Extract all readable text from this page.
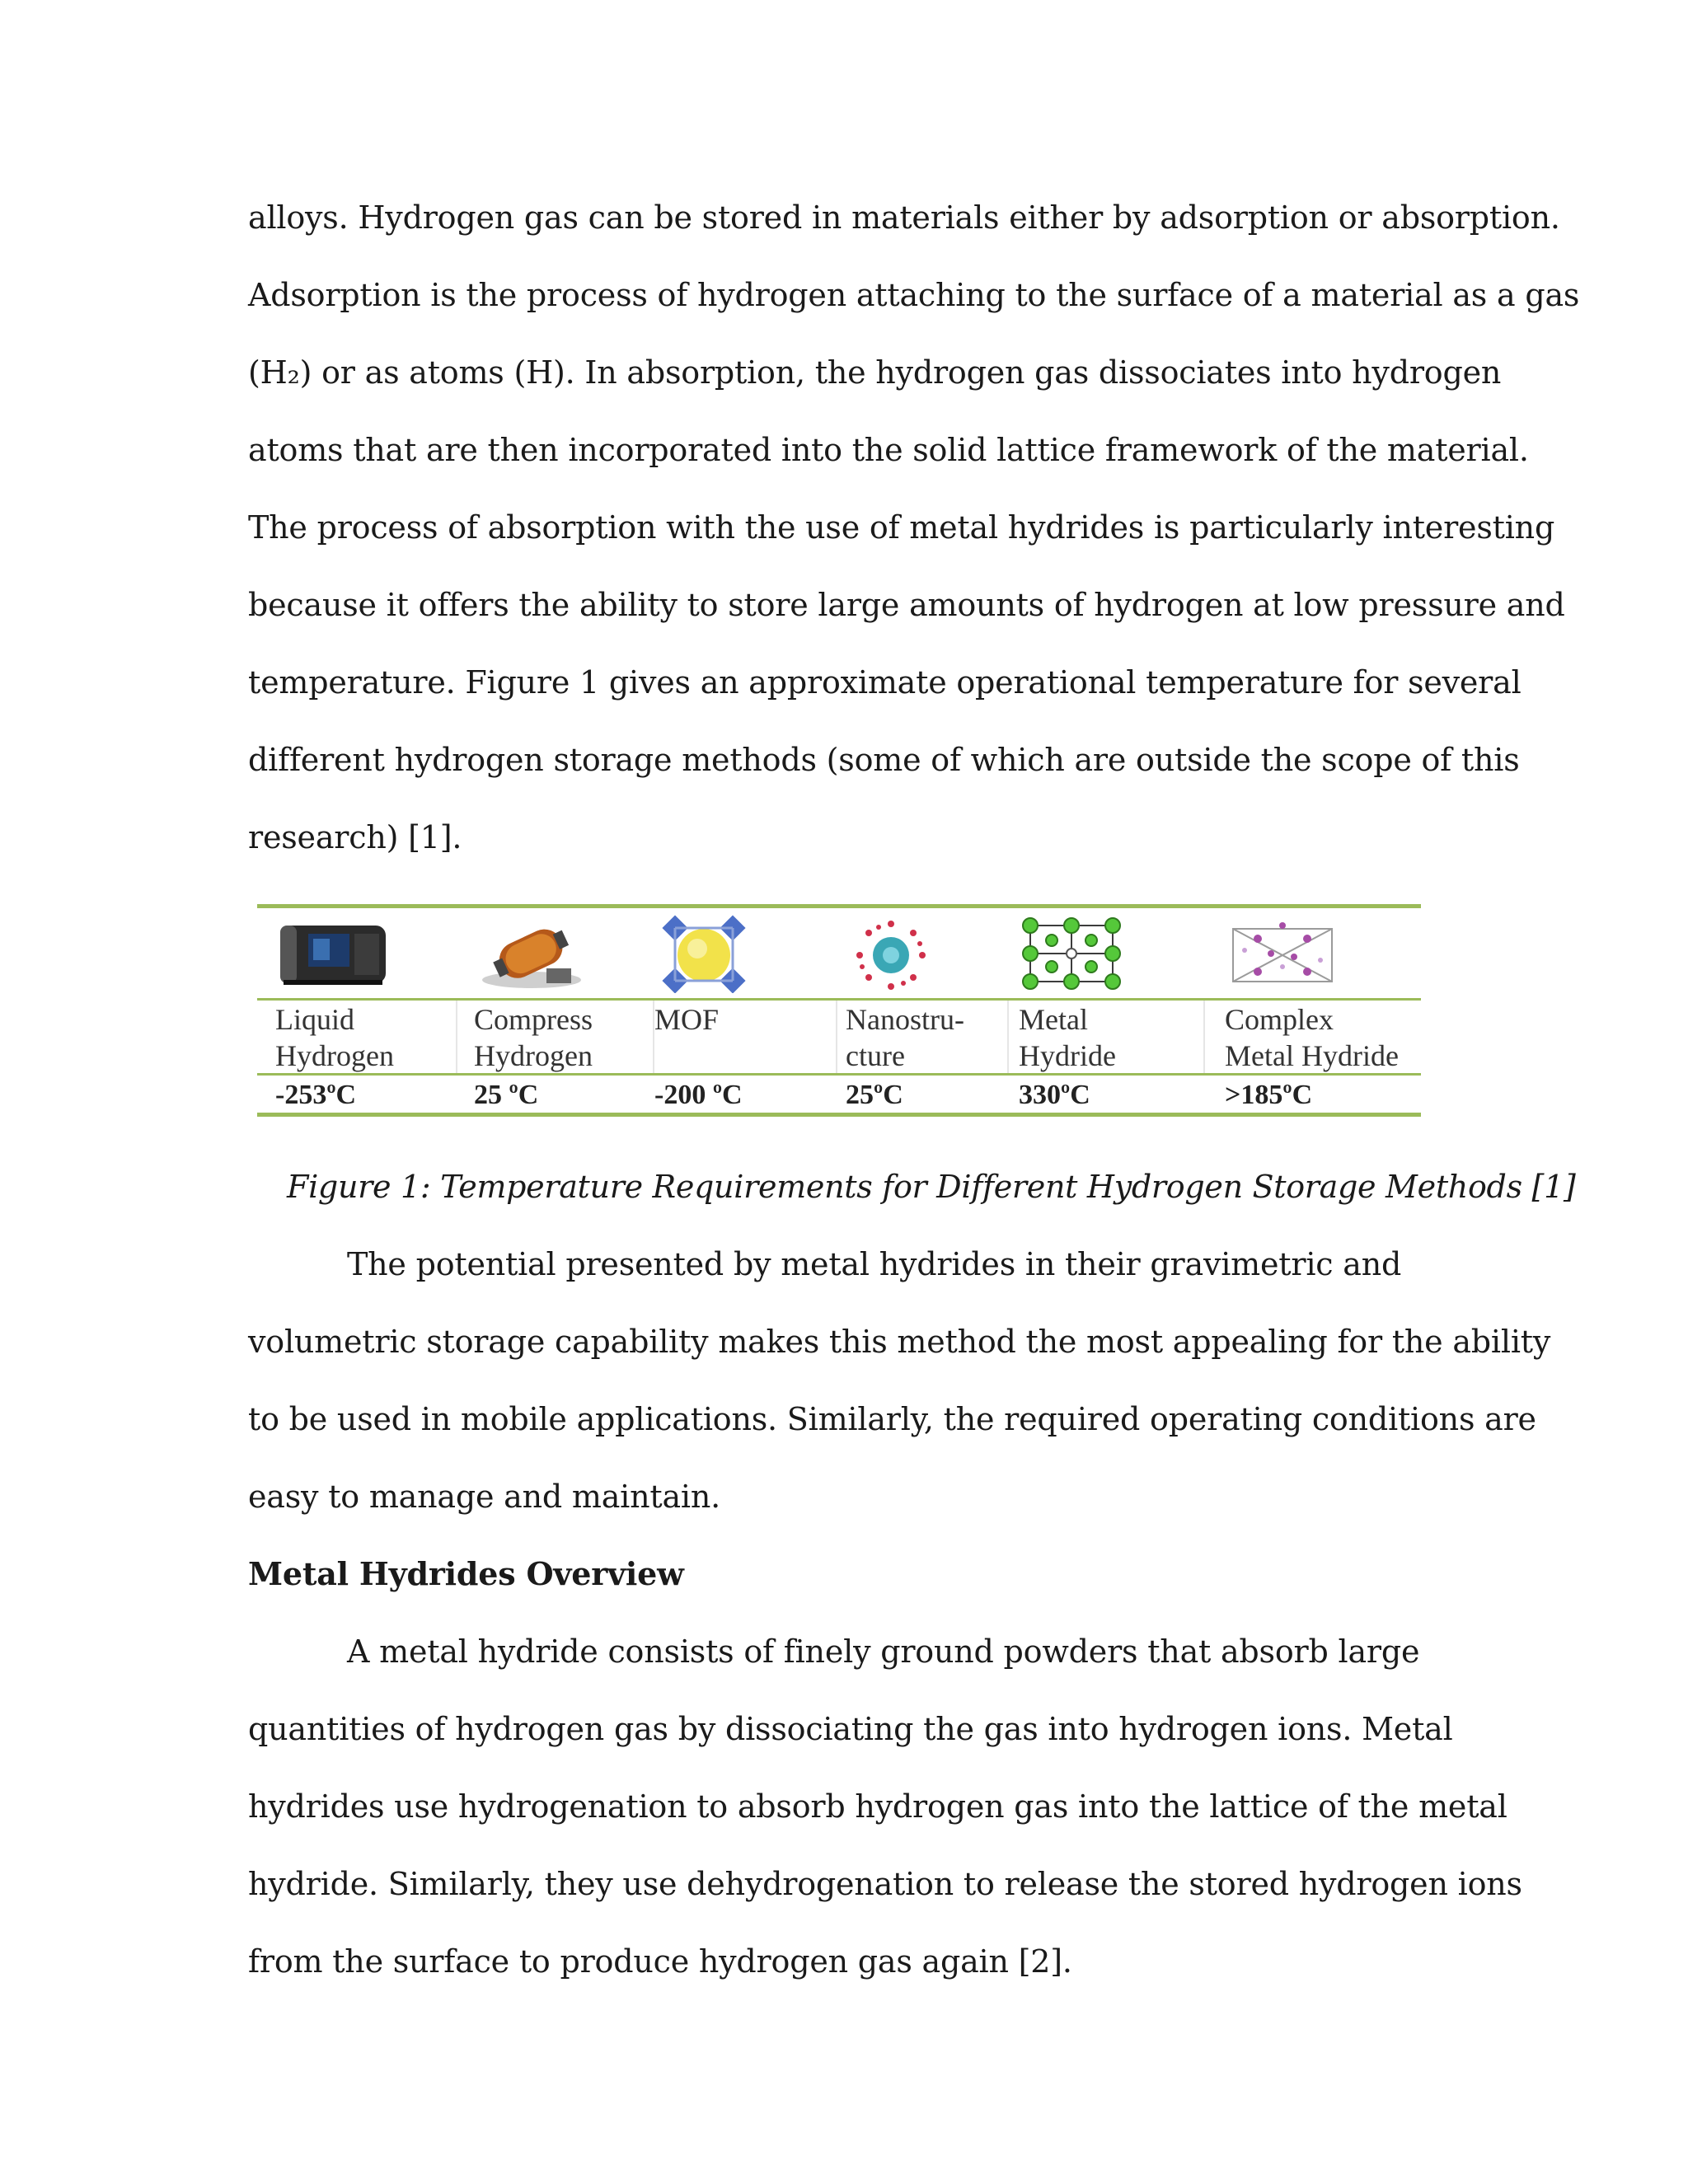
alloys. Hydrogen gas can be stored in materials either by adsorption or absorption.
Adsorption is the process of hydrogen attaching to the surface of a material as a gas
(H₂) or as atoms (H). In absorption, the hydrogen gas dissociates into hydrogen
atoms that are then incorporated into the solid lattice framework of the material.
The process of absorption with the use of metal hydrides is particularly interesting
because it offers the ability to store large amounts of hydrogen at low pressure and
temperature. Figure 1 gives an approximate operational temperature for several
different hydrogen storage methods (some of which are outside the scope of this
research) [1].
Liquid
Hydrogen
-253ºC
Compress
Hydrogen
25 ºC
MOF
-200 ºC
Nanostru-
cture
25ºC
Metal
Hydride
330ºC
Complex
Metal Hydride
>185ºC
Figure 1: Temperature Requirements for Different Hydrogen Storage Methods [1]
The potential presented by metal hydrides in their gravimetric and
volumetric storage capability makes this method the most appealing for the ability
to be used in mobile applications. Similarly, the required operating conditions are
easy to manage and maintain.
Metal Hydrides Overview
A metal hydride consists of finely ground powders that absorb large
quantities of hydrogen gas by dissociating the gas into hydrogen ions. Metal
hydrides use hydrogenation to absorb hydrogen gas into the lattice of the metal
hydride. Similarly, they use dehydrogenation to release the stored hydrogen ions
from the surface to produce hydrogen gas again [2].
